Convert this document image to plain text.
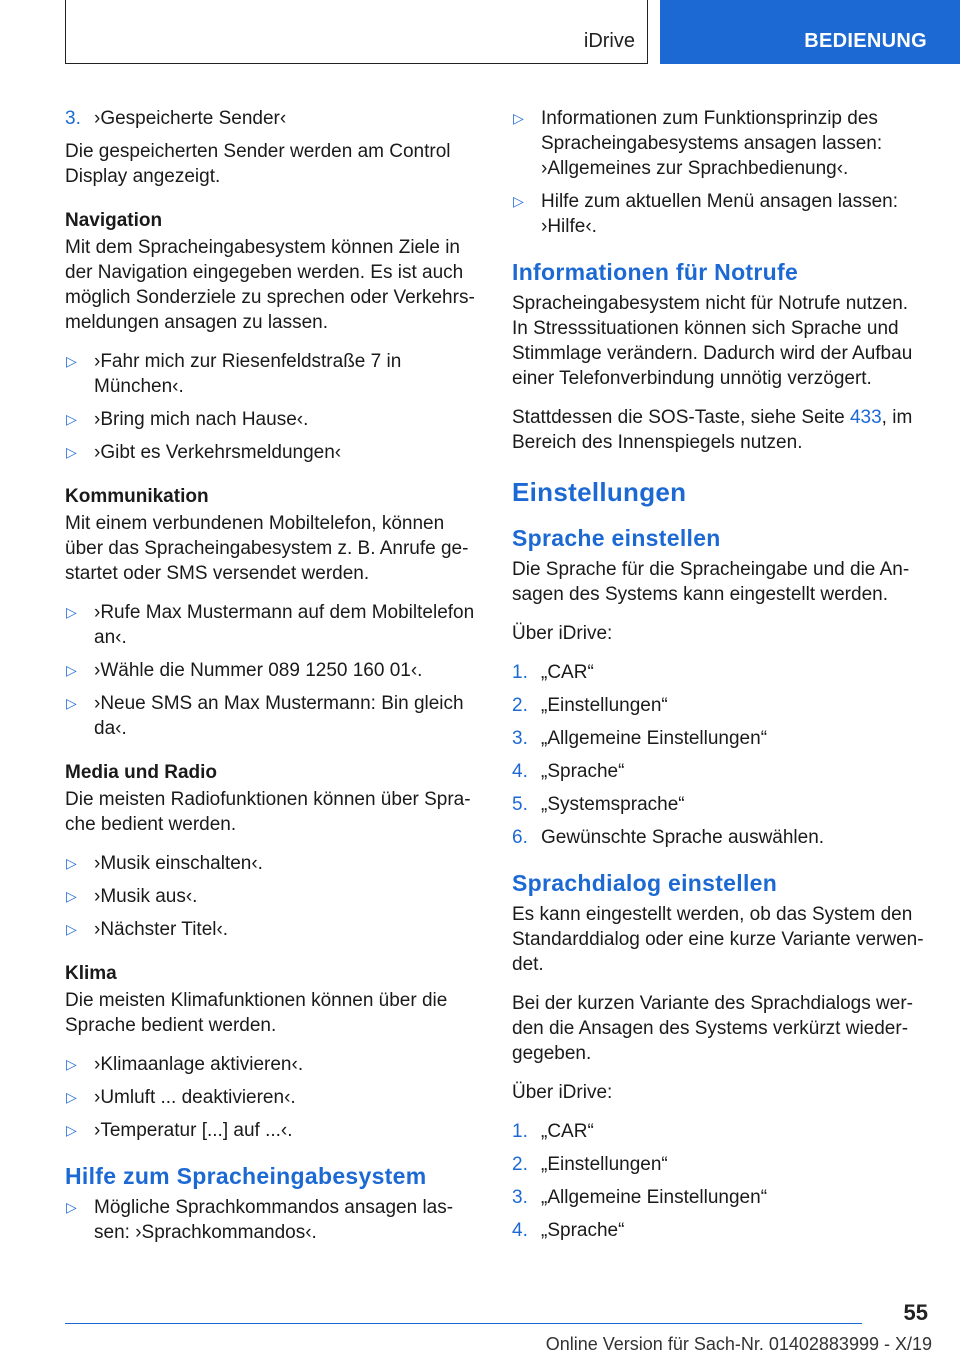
iDrive	BEDIENUNG
3. ›Gespeicherte Sender‹

Die gespeicherten Sender werden am Control Display angezeigt.

Navigation

Mit dem Spracheingabesystem können Ziele in der Navigation eingegeben werden. Es ist auch möglich Sonderziele zu sprechen oder Verkehrsmeldungen ansagen zu lassen.

▷ ›Fahr mich zur Riesenfeldstraße 7 in München‹.
▷ ›Bring mich nach Hause‹.
▷ ›Gibt es Verkehrsmeldungen‹
Kommunikation

Mit einem verbundenen Mobiltelefon, können über das Spracheingabesystem z. B. Anrufe gestartet oder SMS versendet werden.

▷ ›Rufe Max Mustermann auf dem Mobiltelefon an‹.
▷ ›Wähle die Nummer 089 1250 160 01‹.
▷ ›Neue SMS an Max Mustermann: Bin gleich da‹.
Media und Radio

Die meisten Radiofunktionen können über Sprache bedient werden.

▷ ›Musik einschalten‹.
▷ ›Musik aus‹.
▷ ›Nächster Titel‹.
Klima

Die meisten Klimafunktionen können über die Sprache bedient werden.

▷ ›Klimaanlage aktivieren‹.
▷ ›Umluft ... deaktivieren‹.
▷ ›Temperatur [...] auf ...‹.
Hilfe zum Spracheingabesystem
▷ Mögliche Sprachkommandos ansagen lassen: ›Sprachkommandos‹.
▷ Informationen zum Funktionsprinzip des Spracheingabesystems ansagen lassen: ›Allgemeines zur Sprachbedienung‹.
▷ Hilfe zum aktuellen Menü ansagen lassen: ›Hilfe‹.
Informationen für Notrufe

Spracheingabesystem nicht für Notrufe nutzen. In Stresssituationen können sich Sprache und Stimmlage verändern. Dadurch wird der Aufbau einer Telefonverbindung unnötig verzögert.

Stattdessen die SOS-Taste, siehe Seite 433, im Bereich des Innenspiegels nutzen.

Einstellungen
Sprache einstellen

Die Sprache für die Spracheingabe und die Ansagen des Systems kann eingestellt werden.

Über iDrive:

1. „CAR“
2. „Einstellungen“
3. „Allgemeine Einstellungen“
4. „Sprache“
5. „Systemsprache“
6. Gewünschte Sprache auswählen.
Sprachdialog einstellen

Es kann eingestellt werden, ob das System den Standarddialog oder eine kurze Variante verwendet.

Bei der kurzen Variante des Sprachdialogs werden die Ansagen des Systems verkürzt wiedergegeben.

Über iDrive:

1. „CAR“
2. „Einstellungen“
3. „Allgemeine Einstellungen“
4. „Sprache“
55
Online Version für Sach-Nr. 01402883999 - X/19
